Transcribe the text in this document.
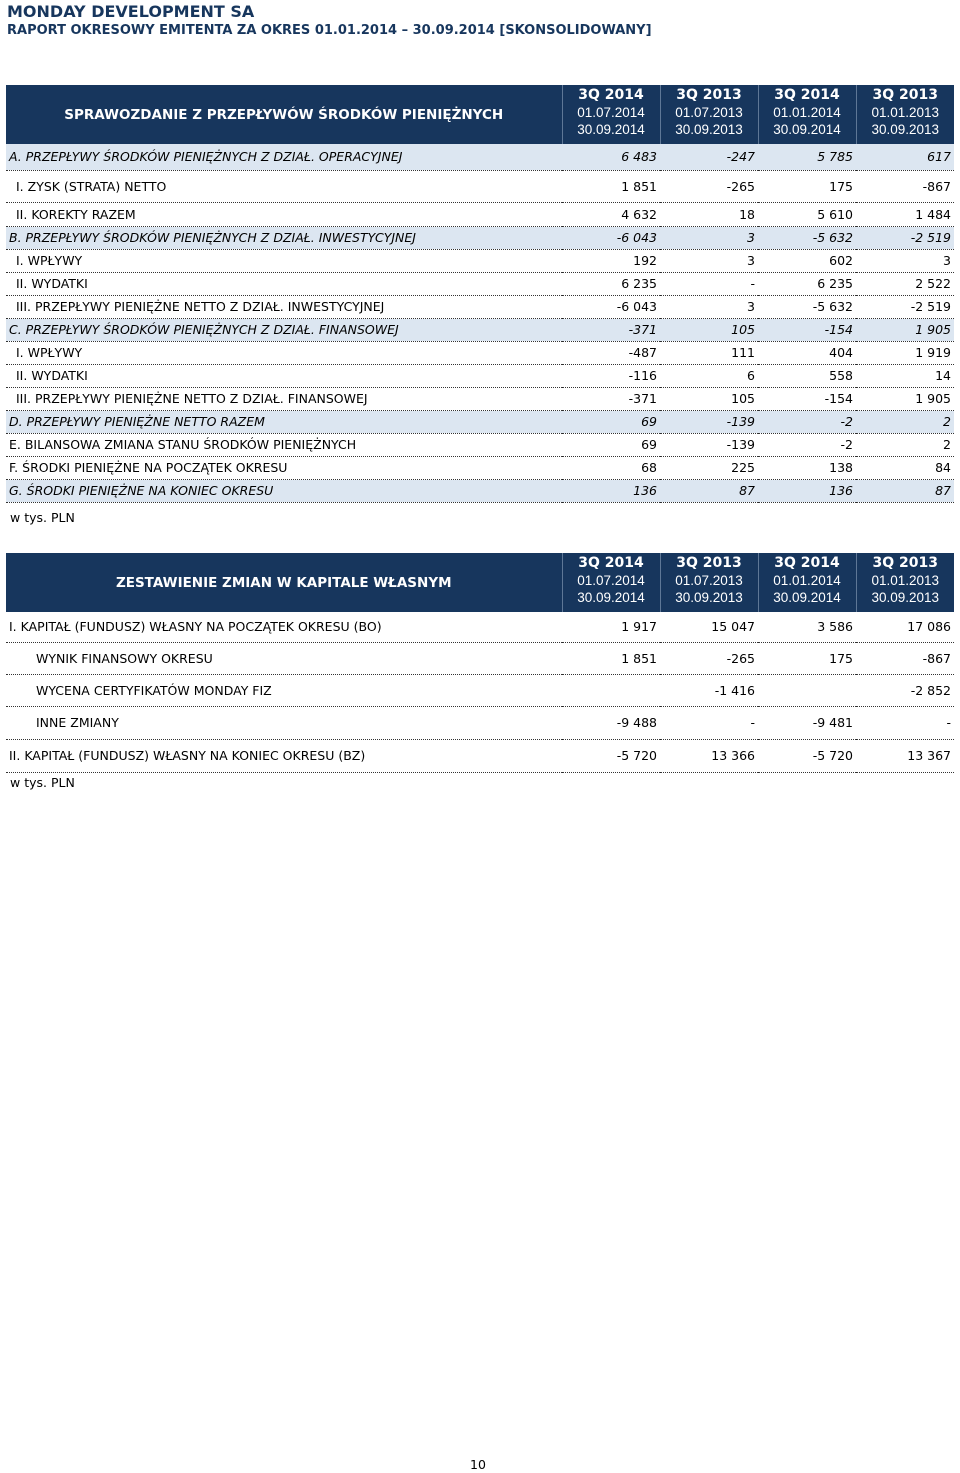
MONDAY DEVELOPMENT SA
RAPORT OKRESOWY EMITENTA ZA OKRES 01.01.2014 – 30.09.2014 [SKONSOLIDOWANY]
SPRAWOZDANIE Z PRZEPŁYWÓW ŚRODKÓW PIENIĘŻNYCH	3Q 2014
01.07.2014
30.09.2014	3Q 2013
01.07.2013
30.09.2013	3Q 2014
01.01.2014
30.09.2014	3Q 2013
01.01.2013
30.09.2013

A. PRZEPŁYWY ŚRODKÓW PIENIĘŻNYCH Z DZIAŁ. OPERACYJNEJ	6 483	-247	5 785	617
I. ZYSK (STRATA) NETTO	1 851	-265	175	-867
II. KOREKTY RAZEM	4 632	18	5 610	1 484
B. PRZEPŁYWY ŚRODKÓW PIENIĘŻNYCH Z DZIAŁ. INWESTYCYJNEJ	-6 043	3	-5 632	-2 519
I. WPŁYWY	192	3	602	3
II. WYDATKI	6 235	-	6 235	2 522
III. PRZEPŁYWY PIENIĘŻNE NETTO Z DZIAŁ. INWESTYCYJNEJ	-6 043	3	-5 632	-2 519
C. PRZEPŁYWY ŚRODKÓW PIENIĘŻNYCH Z DZIAŁ. FINANSOWEJ	-371	105	-154	1 905
I. WPŁYWY	-487	111	404	1 919
II. WYDATKI	-116	6	558	14
III. PRZEPŁYWY PIENIĘŻNE NETTO Z DZIAŁ. FINANSOWEJ	-371	105	-154	1 905
D. PRZEPŁYWY PIENIĘŻNE NETTO RAZEM	69	-139	-2	2
E. BILANSOWA ZMIANA STANU ŚRODKÓW PIENIĘŻNYCH	69	-139	-2	2
F. ŚRODKI PIENIĘŻNE NA POCZĄTEK OKRESU	68	225	138	84
G. ŚRODKI PIENIĘŻNE NA KONIEC OKRESU	136	87	136	87
w tys. PLN
ZESTAWIENIE ZMIAN W KAPITALE WŁASNYM	3Q 2014
01.07.2014
30.09.2014	3Q 2013
01.07.2013
30.09.2013	3Q 2014
01.01.2014
30.09.2014	3Q 2013
01.01.2013
30.09.2013

I. KAPITAŁ (FUNDUSZ) WŁASNY NA POCZĄTEK OKRESU (BO)	1 917	15 047	3 586	17 086
WYNIK FINANSOWY OKRESU	1 851	-265	175	-867
WYCENA CERTYFIKATÓW MONDAY FIZ		-1 416		-2 852
INNE ZMIANY	-9 488	-	-9 481	-
II. KAPITAŁ (FUNDUSZ) WŁASNY NA KONIEC OKRESU (BZ)	-5 720	13 366	-5 720	13 367
w tys. PLN
10
